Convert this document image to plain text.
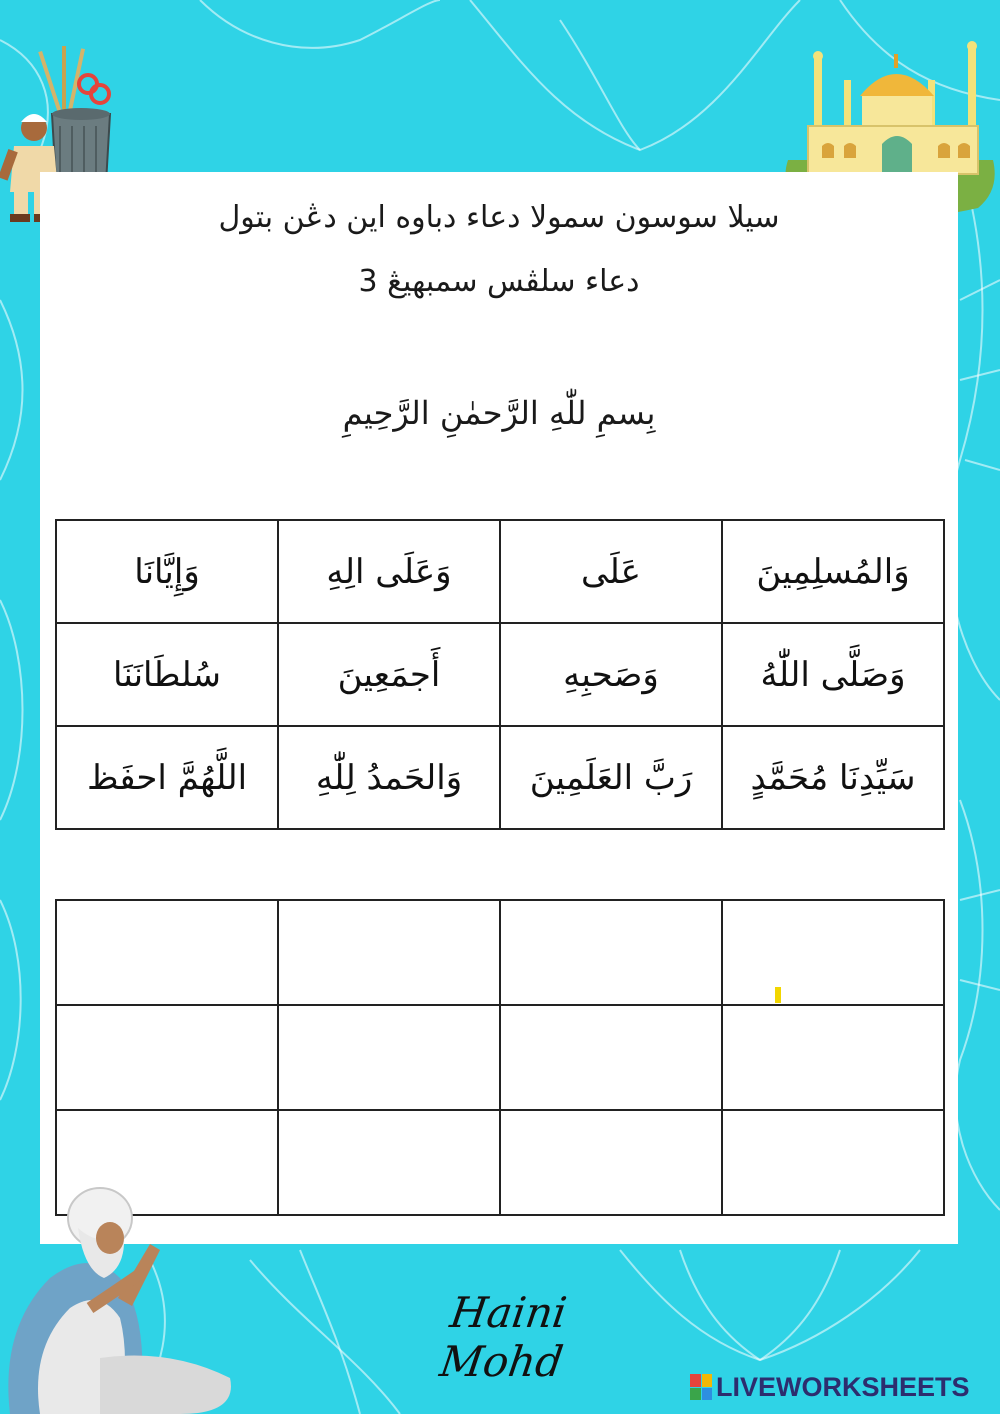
سيلا سوسون سمولا دعاء دباوه اين دڠن بتول
دعاء سلڤس سمبهيڠ 3
بِسمِ للّٰهِ الرَّحمٰنِ الرَّحِيمِ
وَالمُسلِمِينَ	عَلَى	وَعَلَى الِهِ	وَإِيَّانَا
وَصَلَّى اللّٰهُ	وَصَحبِهِ	أَجمَعِينَ	سُلطَانَنَا
سَيِّدِنَا مُحَمَّدٍ	رَبَّ العَلَمِينَ	وَالحَمدُ لِلّٰهِ	اللَّهُمَّ احفَظ

Haini Mohd
LIVEWORKSHEETS
